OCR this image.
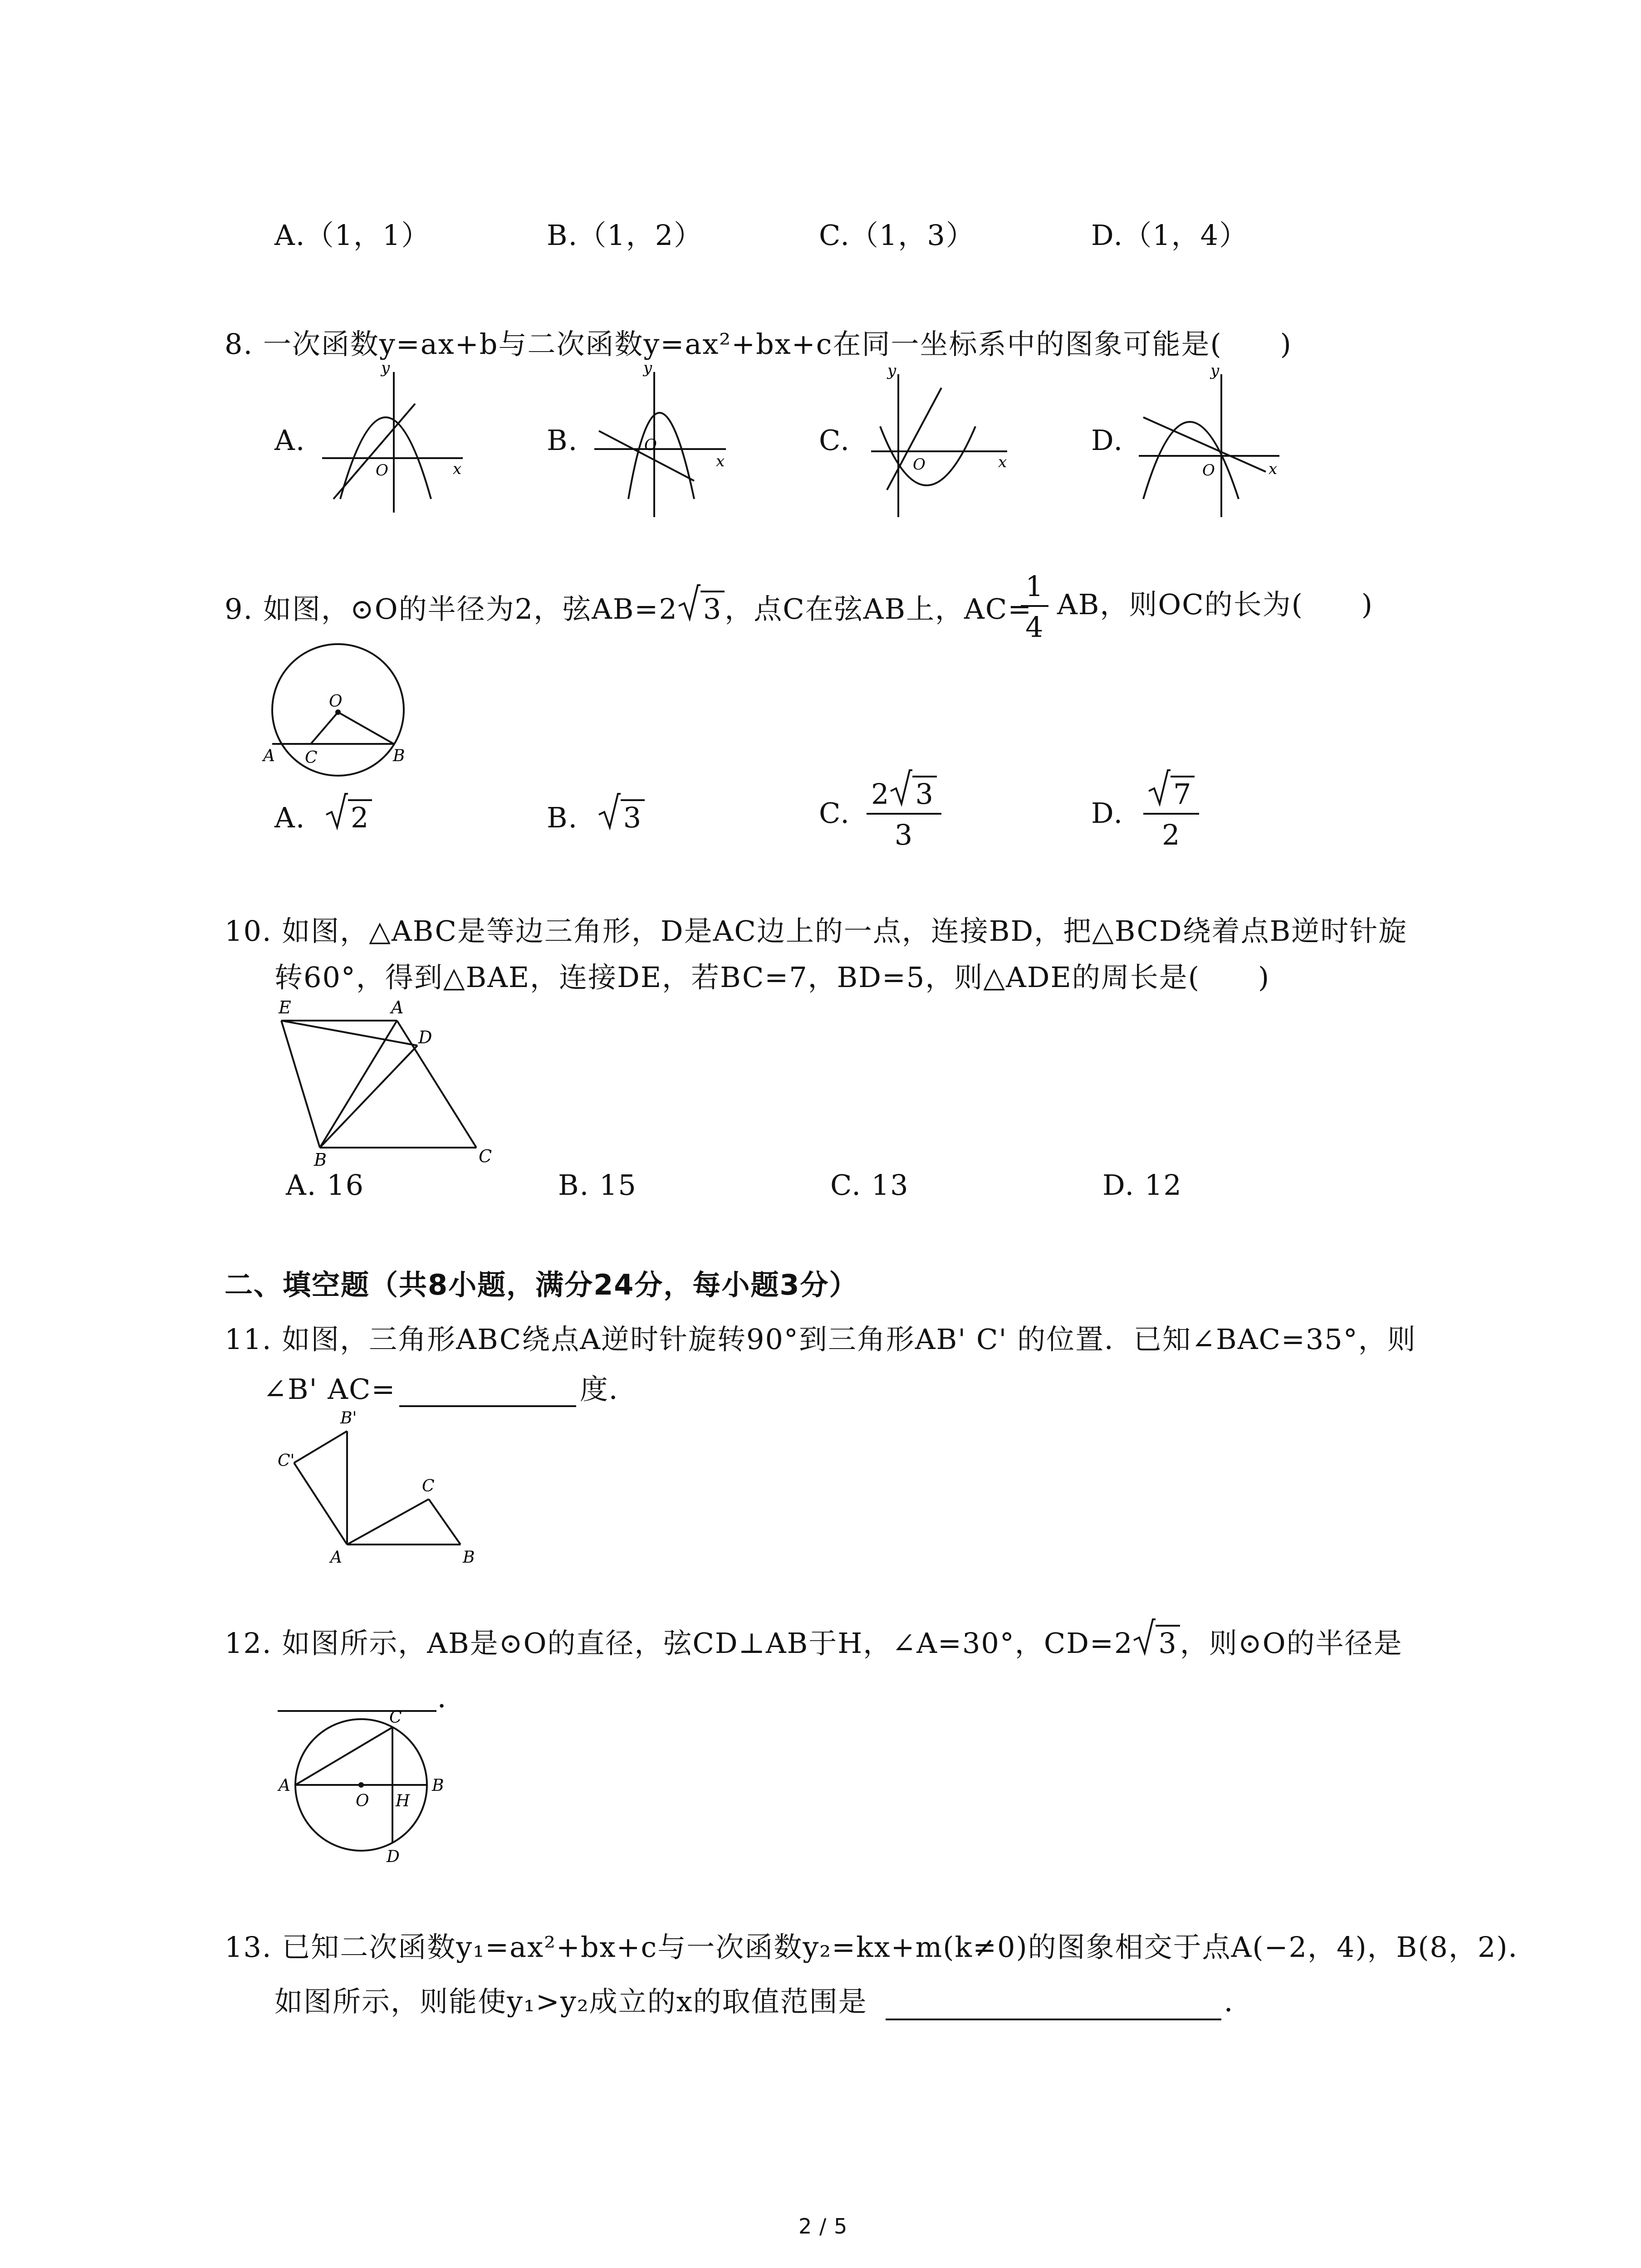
A.（1，1）	B.（1，2）	C.（1，3）	D.（1，4）
8. 一次函数y=ax+b与二次函数y=ax²+bx+c在同一坐标系中的图象可能是(　　)
A.	B.	C.	D.
x
y
O	x
y
O
x
y
O	x
y
O
9. 如图，⊙O的半径为2，弦AB=2 3，点C在弦AB上，AC=
$\frac{1}{4}$ AB，则OC的长为(　　)
O
A C	B
A. 2	B. 3	C. $\frac{2 3}{3}$	D. $\frac{7}{2}$
10. 如图，△ABC是等边三角形，D是AC边上的一点，连接BD，把△BCD绕着点B逆时针旋
转60°，得到△BAE，连接DE，若BC=7，BD=5，则△ADE的周长是(　　)
E	A
D
B	C
A. 16	B. 15	C. 13	D. 12
二、填空题（共8小题，满分24分，每小题3分）
11. 如图，三角形ABC绕点A逆时针旋转90°到三角形AB' C' 的位置．已知∠BAC=35°，则
∠B' AC=	度．
B'
C'
C
A	B
12. 如图所示，AB是⊙O的直径，弦CD⊥AB于H，∠A=30°，CD=2 3，则⊙O的半径是
．
C
A
O H
B
D
13. 已知二次函数y₁=ax²+bx+c与一次函数y₂=kx+m(k≠0)的图象相交于点A(−2，4)，B(8，2)．
如图所示，则能使y₁>y₂成立的x的取值范围是	．
2 / 5
